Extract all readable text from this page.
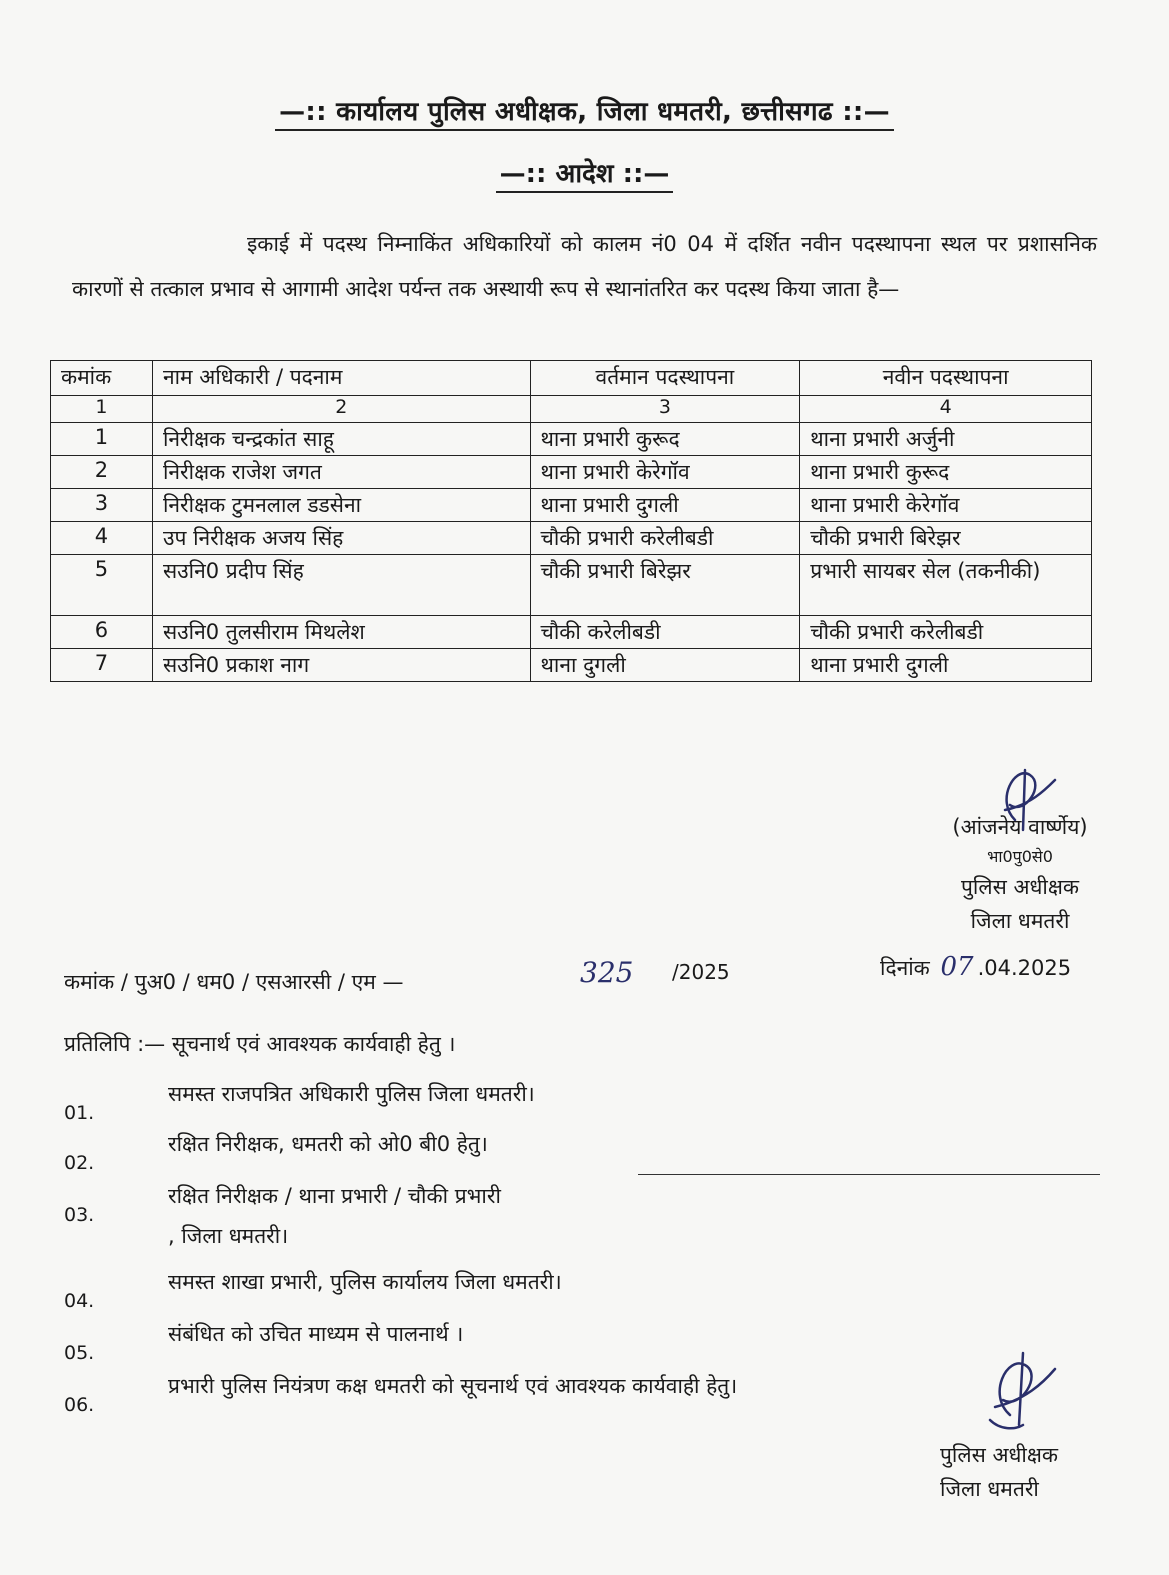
—:: कार्यालय पुलिस अधीक्षक, जिला धमतरी, छत्तीसगढ ::—
—:: आदेश ::—
इकाई में पदस्थ निम्नाकिंत अधिकारियों को कालम नं0 04 में दर्शित नवीन पदस्थापना स्थल पर प्रशासनिक कारणों से तत्काल प्रभाव से आगामी आदेश पर्यन्त तक अस्थायी रूप से स्थानांतरित कर पदस्थ किया जाता है—
कमांक	नाम अधिकारी / पदनाम	वर्तमान पदस्थापना	नवीन पदस्थापना
1	2	3	4
1	निरीक्षक चन्द्रकांत साहू	थाना प्रभारी कुरूद	थाना प्रभारी अर्जुनी
2	निरीक्षक राजेश जगत	थाना प्रभारी केरेगॉव	थाना प्रभारी कुरूद
3	निरीक्षक टुमनलाल डडसेना	थाना प्रभारी दुगली	थाना प्रभारी केरेगॉव
4	उप निरीक्षक अजय सिंह	चौकी प्रभारी करेलीबडी	चौकी प्रभारी बिरेझर
5	सउनि0 प्रदीप सिंह	चौकी प्रभारी बिरेझर	प्रभारी सायबर सेल (तकनीकी)
6	सउनि0 तुलसीराम मिथलेश	चौकी करेलीबडी	चौकी प्रभारी करेलीबडी
7	सउनि0 प्रकाश नाग	थाना दुगली	थाना प्रभारी दुगली
(आंजनेय वार्ष्णेय)
भा0पु0से0
पुलिस अधीक्षक
जिला धमतरी
कमांक / पुअ0 / धम0 / एसआरसी / एम —	325 /2025	दिनांक 07 .04.2025
प्रतिलिपि :— सूचनार्थ एवं आवश्यक कार्यवाही हेतु ।
01.
समस्त राजपत्रित अधिकारी पुलिस जिला धमतरी।
02.
रक्षित निरीक्षक, धमतरी को ओ0 बी0 हेतु।
03.
रक्षित निरीक्षक / थाना प्रभारी / चौकी प्रभारी
, जिला धमतरी।
04.
समस्त शाखा प्रभारी, पुलिस कार्यालय जिला धमतरी।
05.
संबंधित को उचित माध्यम से पालनार्थ ।
06.
प्रभारी पुलिस नियंत्रण कक्ष धमतरी को सूचनार्थ एवं आवश्यक कार्यवाही हेतु।
पुलिस अधीक्षक
जिला धमतरी
